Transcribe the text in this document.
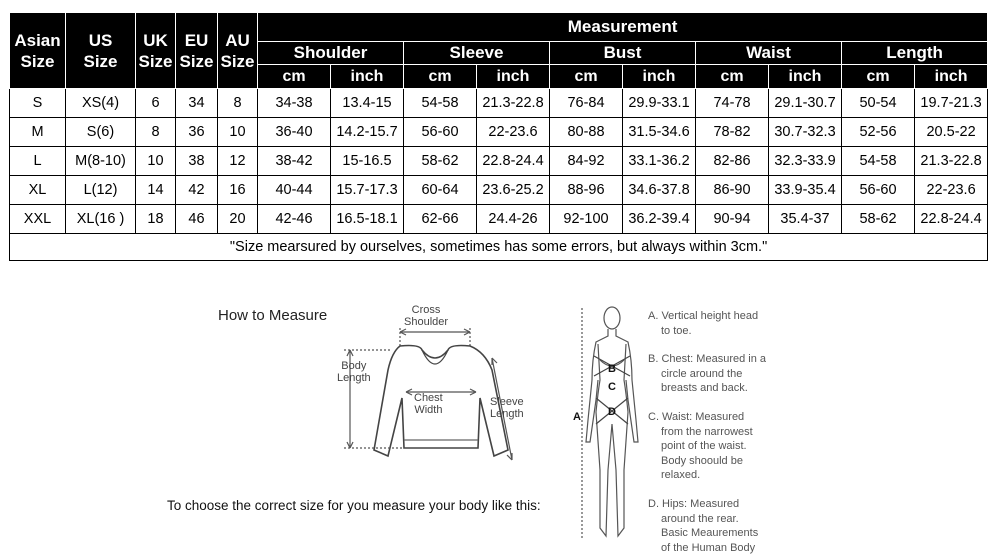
Asian
Size	US
Size	UK
Size	EU
Size	AU
Size	Measurement									
					Shoulder		Sleeve		Bust		Waist		Length	
					cm	inch	cm	inch	cm	inch	cm	inch	cm	inch
S	XS(4)	6	34	8	34-38	13.4-15	54-58	21.3-22.8	76-84	29.9-33.1	74-78	29.1-30.7	50-54	19.7-21.3
M	S(6)	8	36	10	36-40	14.2-15.7	56-60	22-23.6	80-88	31.5-34.6	78-82	30.7-32.3	52-56	20.5-22
L	M(8-10)	10	38	12	38-42	15-16.5	58-62	22.8-24.4	84-92	33.1-36.2	82-86	32.3-33.9	54-58	21.3-22.8
XL	L(12)	14	42	16	40-44	15.7-17.3	60-64	23.6-25.2	88-96	34.6-37.8	86-90	33.9-35.4	56-60	22-23.6
XXL	XL(16 )	18	46	20	42-46	16.5-18.1	62-66	24.4-26	92-100	36.2-39.4	90-94	35.4-37	58-62	22.8-24.4
"Size mearsured by ourselves, sometimes has some errors, but always within 3cm."														
How to Measure	Cross
Shoulder
Body
Length
Chest
Width
Sleeve
Length
To choose the correct size for you measure your body like this:
B
C
D
A
A. Vertical height head
to toe.
B. Chest: Measured in a
circle around the
breasts and back.
C. Waist: Measured
from the narrowest
point of the waist.
Body shoould be
relaxed.
D. Hips: Measured
around the rear.
Basic Meaurements
of the Human Body
